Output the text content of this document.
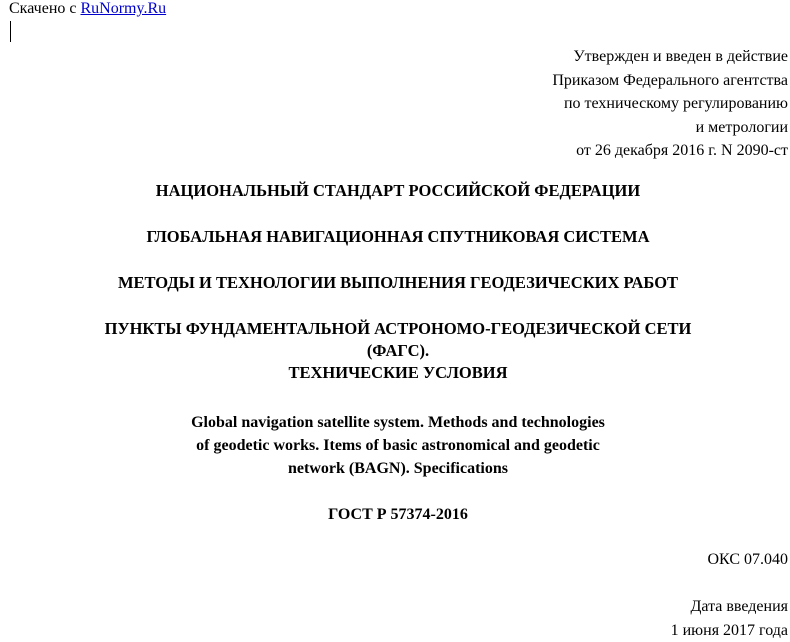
Скачено с RuNormy.Ru
Утвержден и введен в действие
Приказом Федерального агентства
по техническому регулированию
и метрологии
от 26 декабря 2016 г. N 2090-ст
НАЦИОНАЛЬНЫЙ СТАНДАРТ РОССИЙСКОЙ ФЕДЕРАЦИИ
ГЛОБАЛЬНАЯ НАВИГАЦИОННАЯ СПУТНИКОВАЯ СИСТЕМА
МЕТОДЫ И ТЕХНОЛОГИИ ВЫПОЛНЕНИЯ ГЕОДЕЗИЧЕСКИХ РАБОТ
ПУНКТЫ ФУНДАМЕНТАЛЬНОЙ АСТРОНОМО-ГЕОДЕЗИЧЕСКОЙ СЕТИ
(ФАГС).
ТЕХНИЧЕСКИЕ УСЛОВИЯ
Global navigation satellite system. Methods and technologies
of geodetic works. Items of basic astronomical and geodetic
network (BAGN). Specifications
ГОСТ Р 57374-2016
ОКС 07.040
Дата введения
1 июня 2017 года
